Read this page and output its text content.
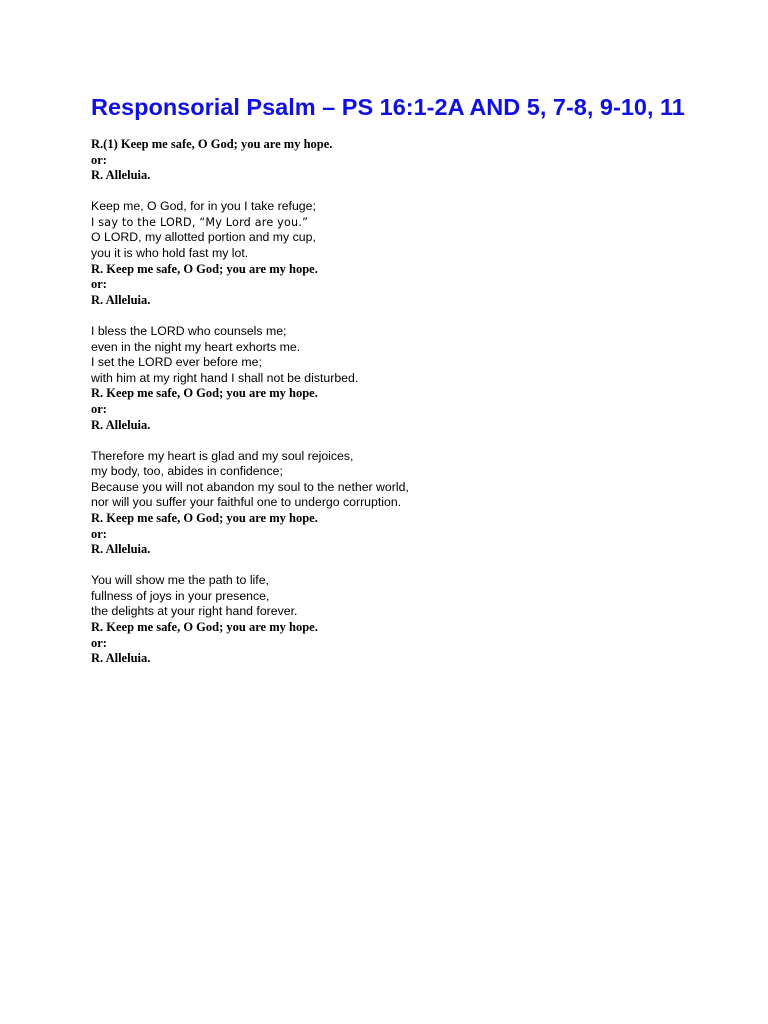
Responsorial Psalm – PS 16:1-2A AND 5, 7-8, 9-10, 11
R.(1) Keep me safe, O God; you are my hope.
or:
R. Alleluia.
Keep me, O God, for in you I take refuge;
I say to the LORD, “My Lord are you.”
O LORD, my allotted portion and my cup,
you it is who hold fast my lot.
R. Keep me safe, O God; you are my hope.
or:
R. Alleluia.
I bless the LORD who counsels me;
even in the night my heart exhorts me.
I set the LORD ever before me;
with him at my right hand I shall not be disturbed.
R. Keep me safe, O God; you are my hope.
or:
R. Alleluia.
Therefore my heart is glad and my soul rejoices,
my body, too, abides in confidence;
Because you will not abandon my soul to the nether world,
nor will you suffer your faithful one to undergo corruption.
R. Keep me safe, O God; you are my hope.
or:
R. Alleluia.
You will show me the path to life,
fullness of joys in your presence,
the delights at your right hand forever.
R. Keep me safe, O God; you are my hope.
or:
R. Alleluia.
